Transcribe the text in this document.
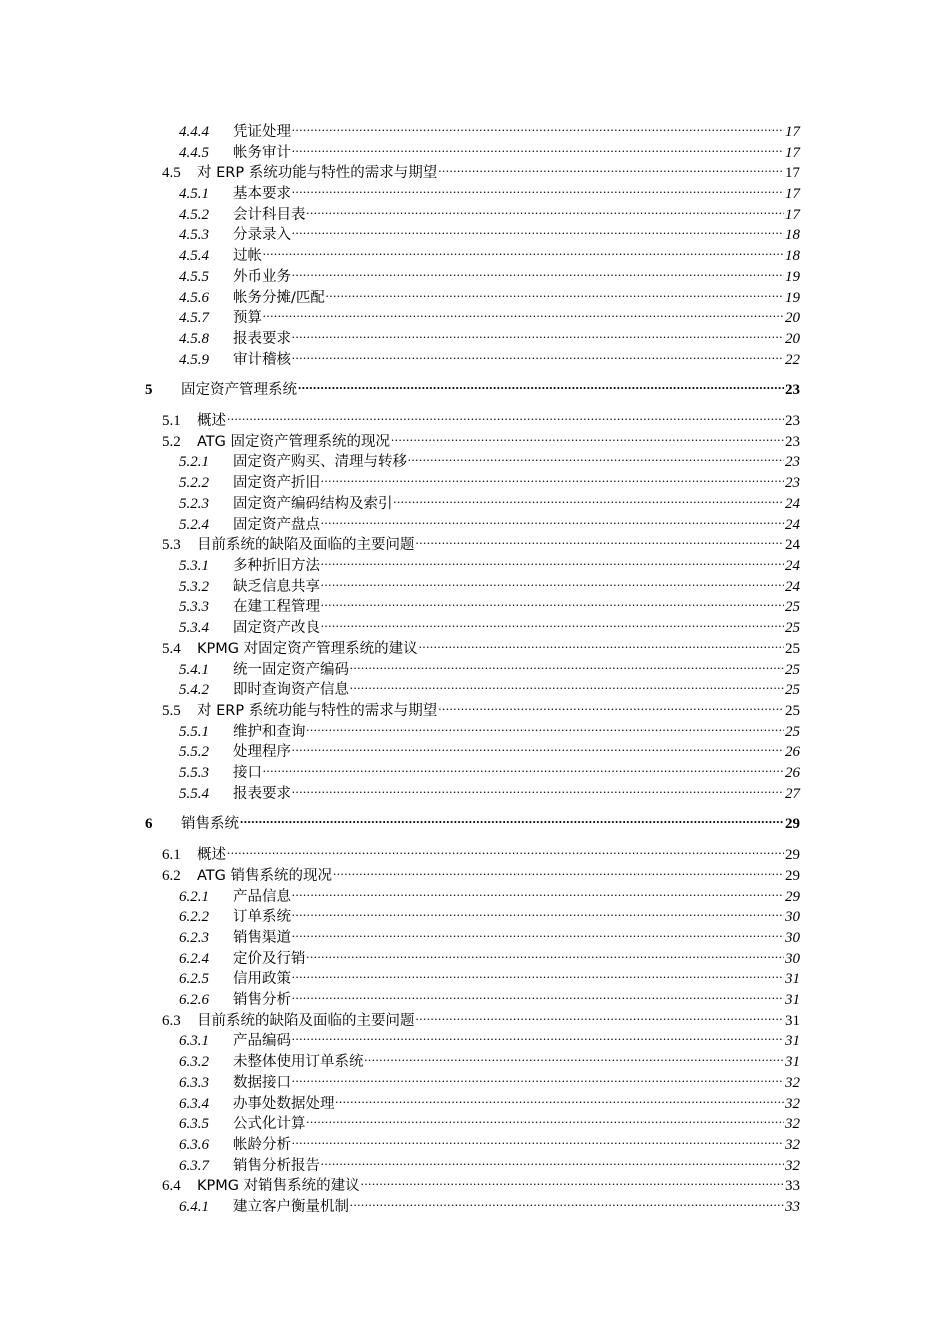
4.4.4	凭证处理 .....	17
4.4.5	帐务审计 .....	17
4.5	对 ERP 系统功能与特性的需求与期望 .....	17
4.5.1	基本要求 .....	17
4.5.2	会计科目表 .....	17
4.5.3	分录录入 .....	18
4.5.4	过帐 .....	18
4.5.5	外币业务 .....	19
4.5.6	帐务分摊/匹配 .....	19
4.5.7	预算 .....	20
4.5.8	报表要求 .....	20
4.5.9	审计稽核 .....	22
5	固定资产管理系统 .....	23
5.1	概述 .....	23
5.2	ATG 固定资产管理系统的现况 .....	23
5.2.1	固定资产购买、清理与转移 .....	23
5.2.2	固定资产折旧 .....	23
5.2.3	固定资产编码结构及索引 .....	24
5.2.4	固定资产盘点 .....	24
5.3	目前系统的缺陷及面临的主要问题 .....	24
5.3.1	多种折旧方法 .....	24
5.3.2	缺乏信息共享 .....	24
5.3.3	在建工程管理 .....	25
5.3.4	固定资产改良 .....	25
5.4	KPMG 对固定资产管理系统的建议 .....	25
5.4.1	统一固定资产编码 .....	25
5.4.2	即时查询资产信息 .....	25
5.5	对 ERP 系统功能与特性的需求与期望 .....	25
5.5.1	维护和查询 .....	25
5.5.2	处理程序 .....	26
5.5.3	接口 .....	26
5.5.4	报表要求 .....	27
6	销售系统 .....	29
6.1	概述 .....	29
6.2	ATG 销售系统的现况 .....	29
6.2.1	产品信息 .....	29
6.2.2	订单系统 .....	30
6.2.3	销售渠道 .....	30
6.2.4	定价及行销 .....	30
6.2.5	信用政策 .....	31
6.2.6	销售分析 .....	31
6.3	目前系统的缺陷及面临的主要问题 .....	31
6.3.1	产品编码 .....	31
6.3.2	未整体使用订单系统 .....	31
6.3.3	数据接口 .....	32
6.3.4	办事处数据处理 .....	32
6.3.5	公式化计算 .....	32
6.3.6	帐龄分析 .....	32
6.3.7	销售分析报告 .....	32
6.4	KPMG 对销售系统的建议 .....	33
6.4.1	建立客户衡量机制 .....	33
